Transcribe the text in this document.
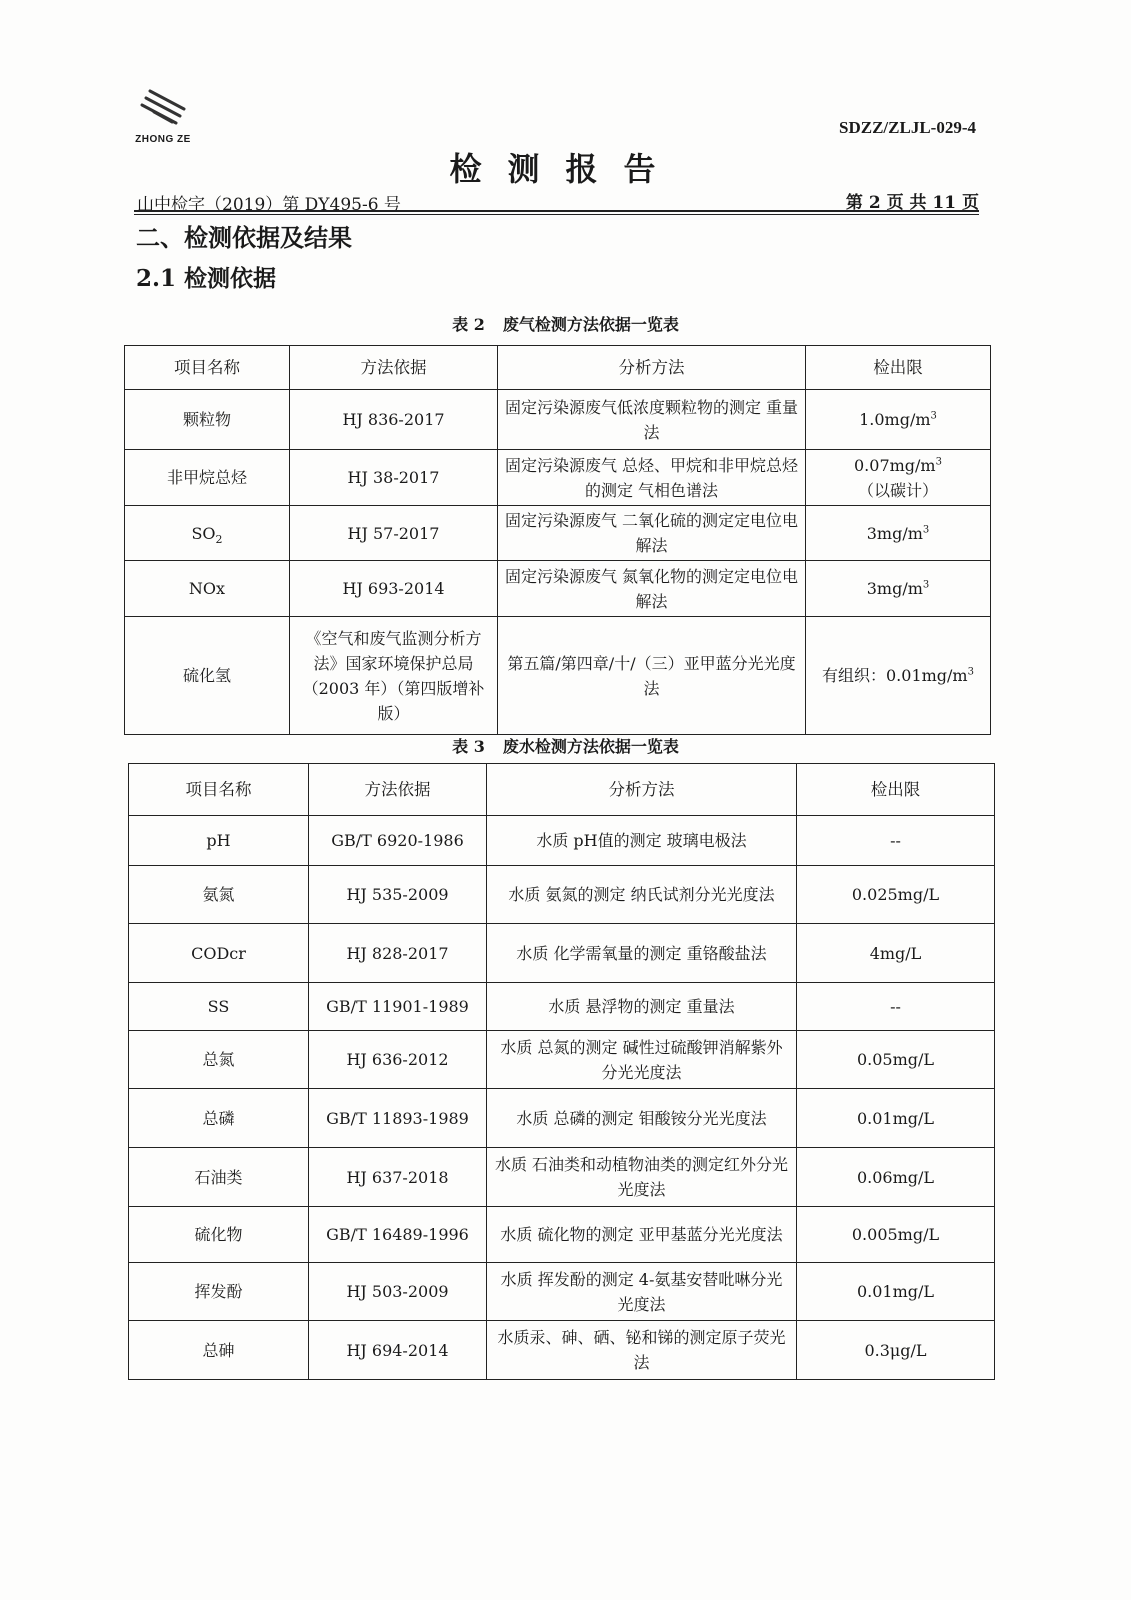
ZHONG ZE
SDZZ/ZLJL-029-4
检测报告
山中检字（2019）第 DY495-6 号	第 2 页 共 11 页
二、检测依据及结果
2.1 检测依据
表 2 废气检测方法依据一览表
项目名称	方法依据	分析方法	检出限
颗粒物	HJ 836-2017	固定污染源废气低浓度颗粒物的测定 重量法	$1.0mg/m^3$
非甲烷总烃	HJ 38-2017	固定污染源废气 总烃、甲烷和非甲烷总烃的测定 气相色谱法	$0.07mg/m^3$
（以碳计）
$SO_2$	HJ 57-2017	固定污染源废气 二氧化硫的测定定电位电解法	$3mg/m^3$
NOx	HJ 693-2014	固定污染源废气 氮氧化物的测定定电位电解法	$3mg/m^3$
硫化氢	《空气和废气监测分析方法》国家环境保护总局（2003 年）（第四版增补版）	第五篇/第四章/十/（三）亚甲蓝分光光度法	有组织：$0.01mg/m^3$
表 3 废水检测方法依据一览表
项目名称	方法依据	分析方法	检出限
pH	GB/T 6920-1986	水质 pH值的测定 玻璃电极法	--
氨氮	HJ 535-2009	水质 氨氮的测定 纳氏试剂分光光度法	0.025mg/L
CODcr	HJ 828-2017	水质 化学需氧量的测定 重铬酸盐法	4mg/L
SS	GB/T 11901-1989	水质 悬浮物的测定 重量法	--
总氮	HJ 636-2012	水质 总氮的测定 碱性过硫酸钾消解紫外分光光度法	0.05mg/L
总磷	GB/T 11893-1989	水质 总磷的测定 钼酸铵分光光度法	0.01mg/L
石油类	HJ 637-2018	水质 石油类和动植物油类的测定红外分光光度法	0.06mg/L
硫化物	GB/T 16489-1996	水质 硫化物的测定 亚甲基蓝分光光度法	0.005mg/L
挥发酚	HJ 503-2009	水质 挥发酚的测定 4-氨基安替吡啉分光光度法	0.01mg/L
总砷	HJ 694-2014	水质汞、砷、硒、铋和锑的测定原子荧光法	0.3μg/L
